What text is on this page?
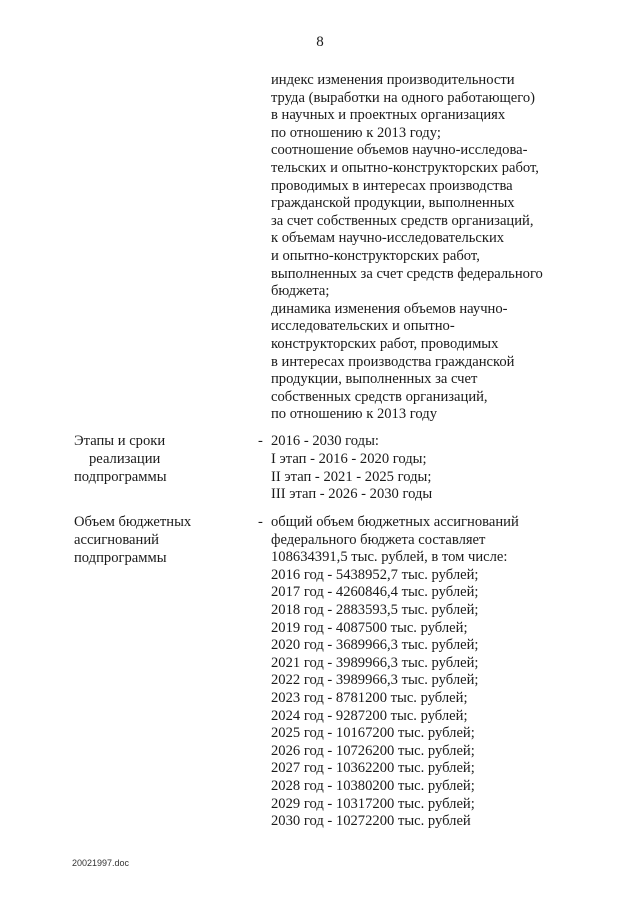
8
индекс изменения производительности
труда (выработки на одного работающего)
в научных и проектных организациях
по отношению к 2013 году;
соотношение объемов научно-исследова-
тельских и опытно-конструкторских работ,
проводимых в интересах производства
гражданской продукции, выполненных
за счет собственных средств организаций,
к объемам научно-исследовательских
и опытно-конструкторских работ,
выполненных за счет средств федерального
бюджета;
динамика изменения объемов научно-
исследовательских и опытно-
конструкторских работ, проводимых
в интересах производства гражданской
продукции, выполненных за счет
собственных средств организаций,
по отношению к 2013 году
Этапы и сроки
реализации
подпрограммы
- 2016 - 2030 годы:
I этап - 2016 - 2020 годы;
II этап - 2021 - 2025 годы;
III этап - 2026 - 2030 годы
Объем бюджетных
ассигнований
подпрограммы
- общий объем бюджетных ассигнований
федерального бюджета составляет
108634391,5 тыс. рублей, в том числе:
2016 год - 5438952,7 тыс. рублей;
2017 год - 4260846,4 тыс. рублей;
2018 год - 2883593,5 тыс. рублей;
2019 год - 4087500 тыс. рублей;
2020 год - 3689966,3 тыс. рублей;
2021 год - 3989966,3 тыс. рублей;
2022 год - 3989966,3 тыс. рублей;
2023 год - 8781200 тыс. рублей;
2024 год - 9287200 тыс. рублей;
2025 год - 10167200 тыс. рублей;
2026 год - 10726200 тыс. рублей;
2027 год - 10362200 тыс. рублей;
2028 год - 10380200 тыс. рублей;
2029 год - 10317200 тыс. рублей;
2030 год - 10272200 тыс. рублей
20021997.doc
